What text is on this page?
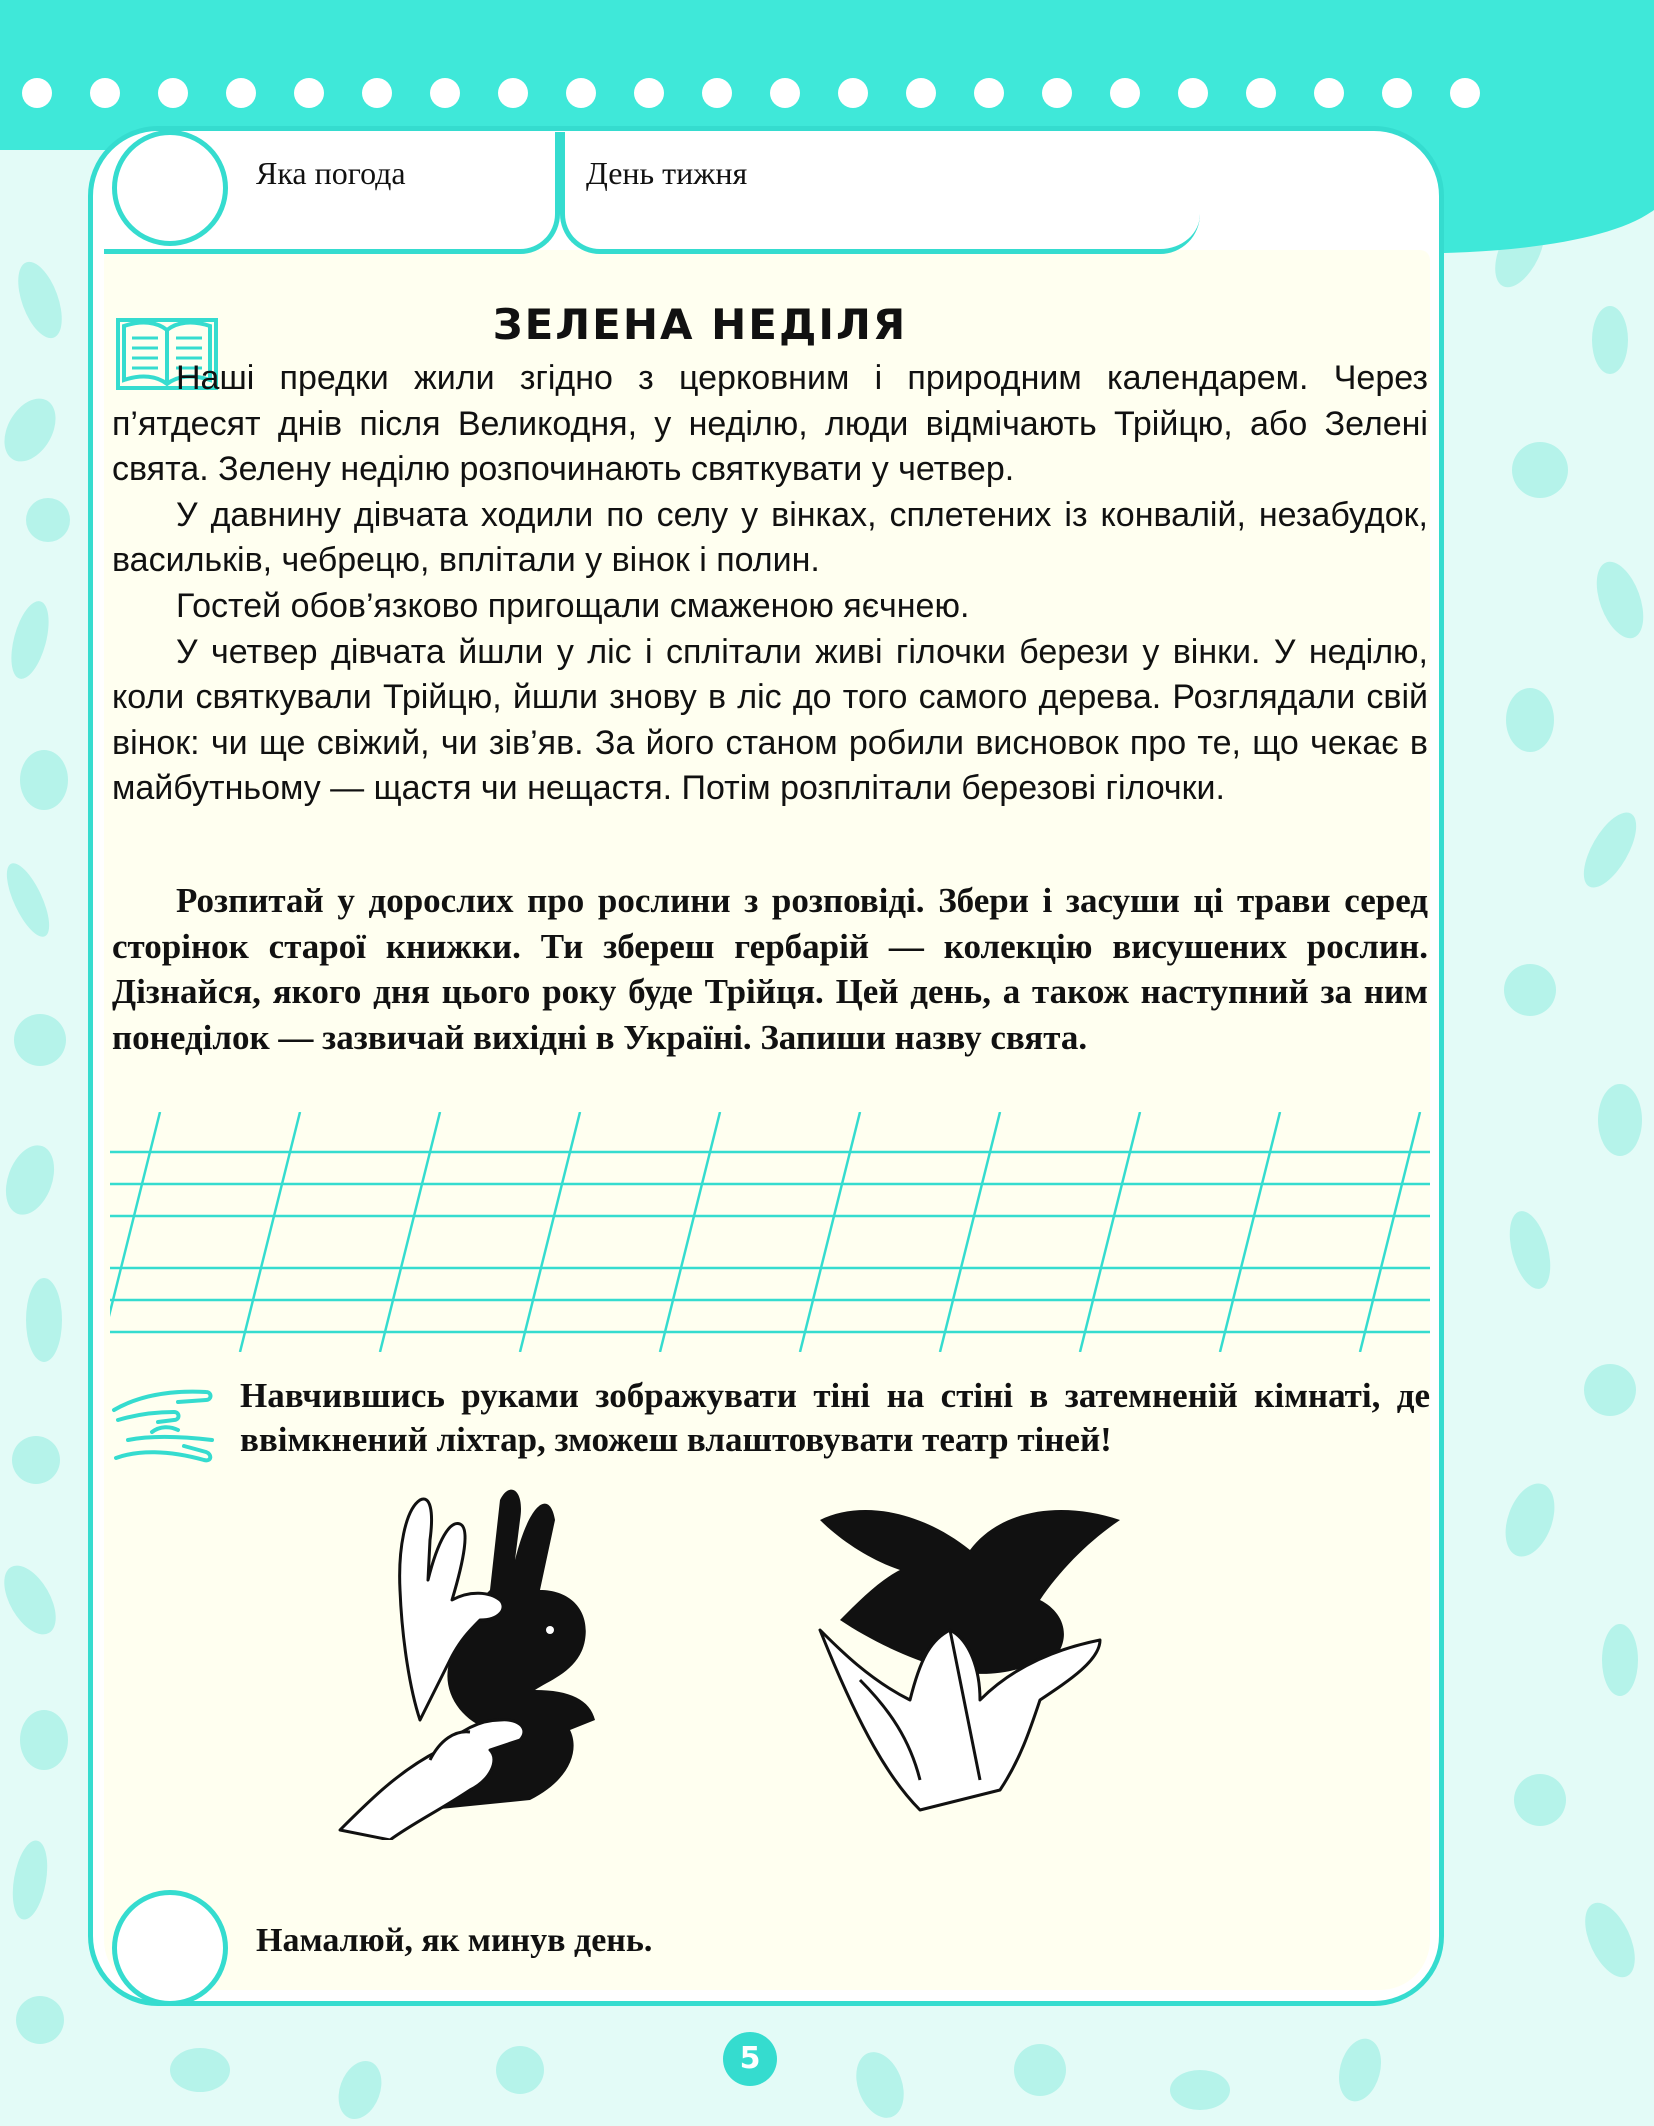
Яка погода	День тижня
ЗЕЛЕНА НЕДІЛЯ

Наші предки жили згідно з церковним і природним календарем. Через п’ятдесят днів після Великодня, у неділю, люди відмічають Трійцю, або Зелені свята. Зелену неділю розпочинають святкувати у четвер.

У давнину дівчата ходили по селу у вінках, сплетених із конвалій, незабудок, васильків, чебрецю, вплітали у вінок і полин.

Гостей обов’язково пригощали смаженою яєчнею.

У четвер дівчата йшли у ліс і сплітали живі гілочки берези у вінки. У неділю, коли святкували Трійцю, йшли знову в ліс до того самого дерева. Розглядали свій вінок: чи ще свіжий, чи зів’яв. За його станом робили висновок про те, що чекає в майбутньому — щастя чи нещастя. Потім розплітали березові гілочки.

Розпитай у дорослих про рослини з розповіді. Збери і засуши ці трави серед сторінок старої книжки. Ти збереш гербарій — колекцію висушених рослин. Дізнайся, якого дня цього року буде Трійця. Цей день, а також наступний за ним понеділок — зазвичай вихідні в Україні. Запиши назву свята.

Навчившись руками зображувати тіні на стіні в затемненій кімнаті, де ввімкнений ліхтар, зможеш влаштовувати театр тіней!
Намалюй, як минув день.
5
